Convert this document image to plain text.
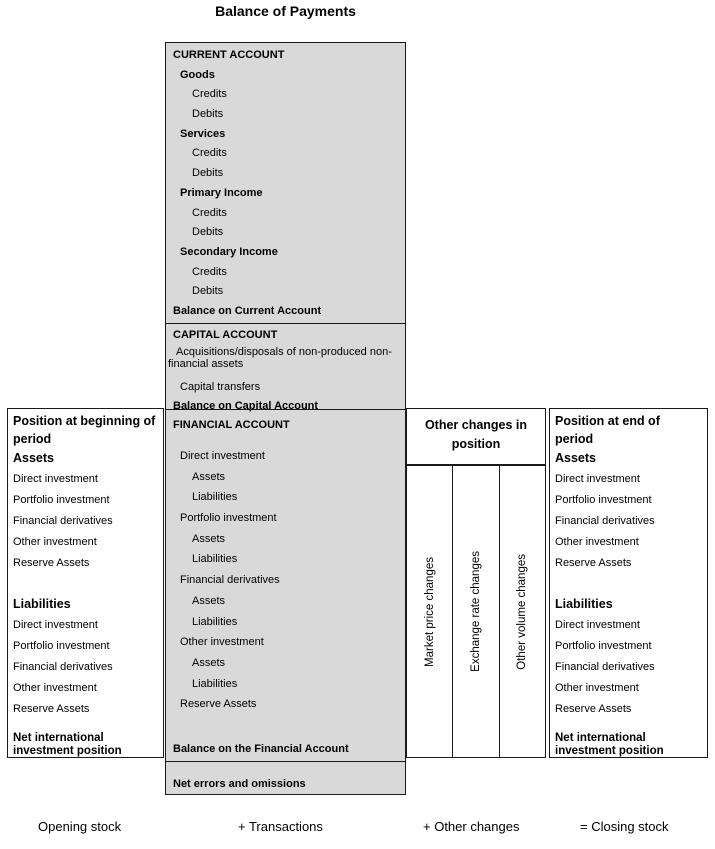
Balance of Payments
CURRENT ACCOUNT
Goods
Credits
Debits
Services
Credits
Debits
Primary Income
Credits
Debits
Secondary Income
Credits
Debits
Balance on Current Account
CAPITAL ACCOUNT
Acquisitions/disposals of non-produced non-financial assets
Capital transfers
Balance on Capital Account
FINANCIAL ACCOUNT
Direct investment
Assets
Liabilities
Portfolio investment
Assets
Liabilities
Financial derivatives
Assets
Liabilities
Other investment
Assets
Liabilities
Reserve Assets
Balance on the Financial Account
Net errors and omissions
Position at beginning of period
Assets
Direct investment
Portfolio investment
Financial derivatives
Other investment
Reserve Assets
Liabilities
Direct investment
Portfolio investment
Financial derivatives
Other investment
Reserve Assets
Net international investment position
Other changes in position
Market price changes	Exchange rate changes	Other volume changes
Position at end of period
Assets
Direct investment
Portfolio investment
Financial derivatives
Other investment
Reserve Assets
Liabilities
Direct investment
Portfolio investment
Financial derivatives
Other investment
Reserve Assets
Net international investment position
Opening stock	+ Transactions	+ Other changes	= Closing stock
